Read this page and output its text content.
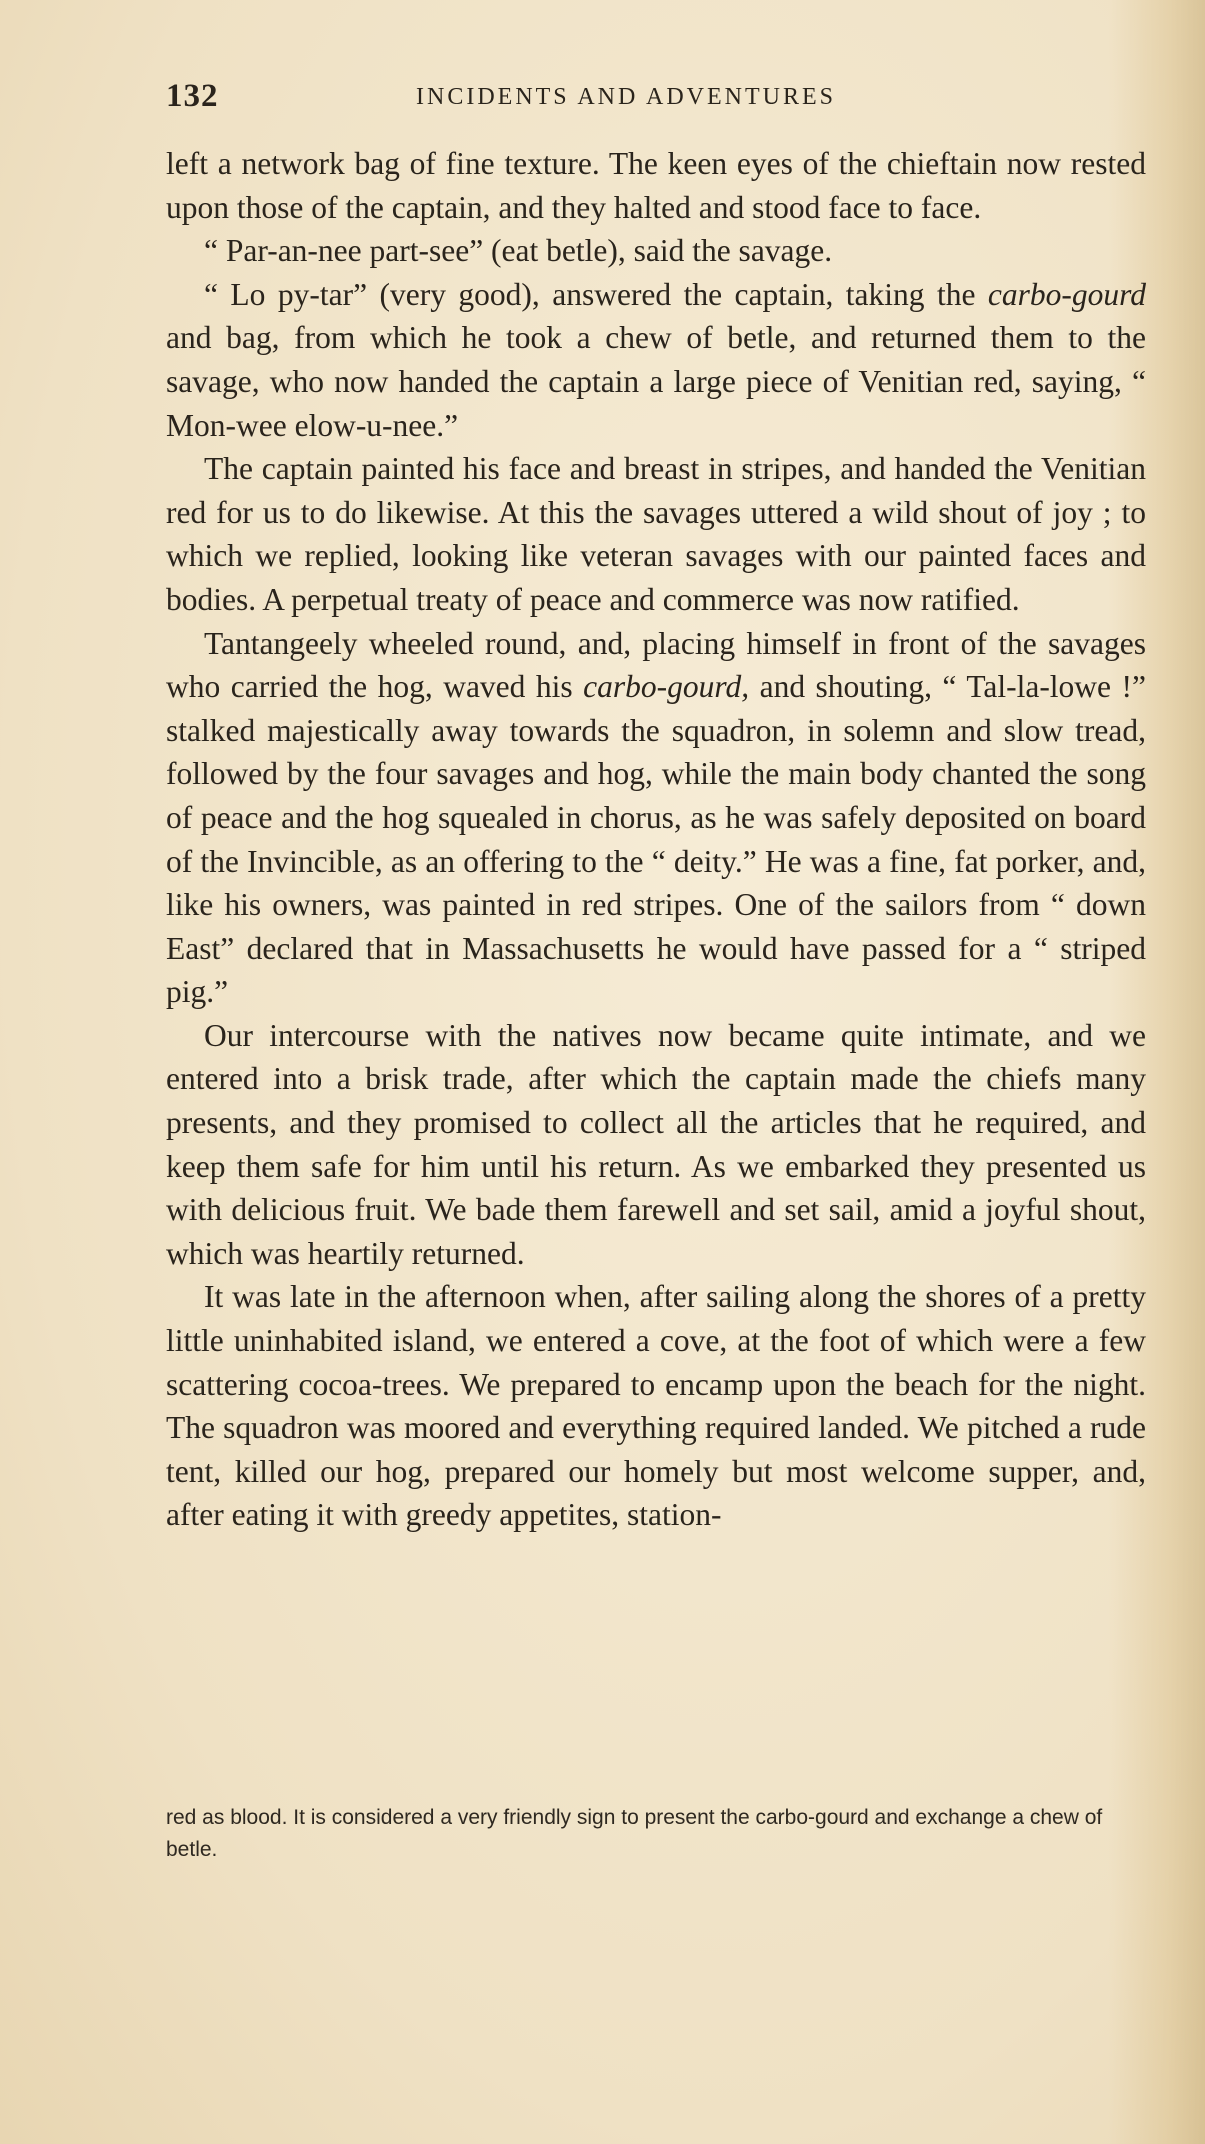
132	INCIDENTS AND ADVENTURES

left a network bag of fine texture. The keen eyes of the chieftain now rested upon those of the captain, and they halted and stood face to face.

“ Par-an-nee part-see” (eat betle), said the savage.

“ Lo py-tar” (very good), answered the captain, taking the carbo-gourd and bag, from which he took a chew of betle, and returned them to the savage, who now handed the captain a large piece of Venitian red, saying, “ Mon-wee elow-u-nee.”

The captain painted his face and breast in stripes, and handed the Venitian red for us to do likewise. At this the savages uttered a wild shout of joy ; to which we replied, looking like veteran savages with our painted faces and bodies. A perpetual treaty of peace and commerce was now ratified.

Tantangeely wheeled round, and, placing himself in front of the savages who carried the hog, waved his carbo-gourd, and shouting, “ Tal-la-lowe !” stalked majestically away towards the squadron, in solemn and slow tread, followed by the four savages and hog, while the main body chanted the song of peace and the hog squealed in chorus, as he was safely deposited on board of the Invincible, as an offering to the “ deity.” He was a fine, fat porker, and, like his owners, was painted in red stripes. One of the sailors from “ down East” declared that in Massachusetts he would have passed for a “ striped pig.”

Our intercourse with the natives now became quite intimate, and we entered into a brisk trade, after which the captain made the chiefs many presents, and they promised to collect all the articles that he required, and keep them safe for him until his return. As we embarked they presented us with delicious fruit. We bade them farewell and set sail, amid a joyful shout, which was heartily returned.

It was late in the afternoon when, after sailing along the shores of a pretty little uninhabited island, we entered a cove, at the foot of which were a few scattering cocoa-trees. We prepared to encamp upon the beach for the night. The squadron was moored and everything required landed. We pitched a rude tent, killed our hog, prepared our homely but most welcome supper, and, after eating it with greedy appetites, station-

red as blood. It is considered a very friendly sign to present the carbo-gourd and exchange a chew of betle.
